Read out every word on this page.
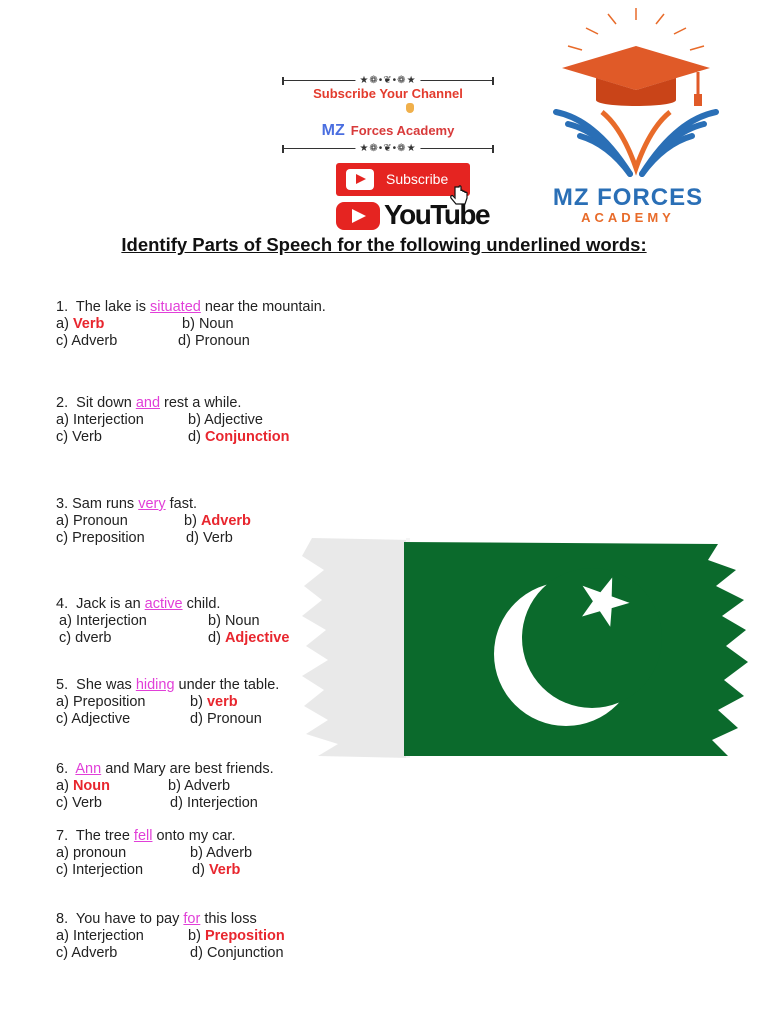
★❁•❦•❁★
Subscribe Your Channel
MZ Forces Academy
★❁•❦•❁★
Subscribe
YouTube
MZ FORCES
ACADEMY
Identify Parts of Speech for the following underlined words:
1. The lake is situated near the mountain.
a) Verb	b) Noun
c) Adverb	d) Pronoun
2. Sit down and rest a while.
a) Interjection	b) Adjective
c) Verb	d) Conjunction
3. Sam runs very fast.
a) Pronoun	b) Adverb
c) Preposition	d) Verb
4. Jack is an active child.
a) Interjection	b) Noun
c) dverb	d) Adjective
5. She was hiding under the table.
a) Preposition	b) verb
c) Adjective	d) Pronoun
6. Ann and Mary are best friends.
a) Noun	b) Adverb
c) Verb	d) Interjection
7. The tree fell onto my car.
a) pronoun	b) Adverb
c) Interjection	d) Verb
8. You have to pay for this loss
a) Interjection	b) Preposition
c) Adverb	d) Conjunction
